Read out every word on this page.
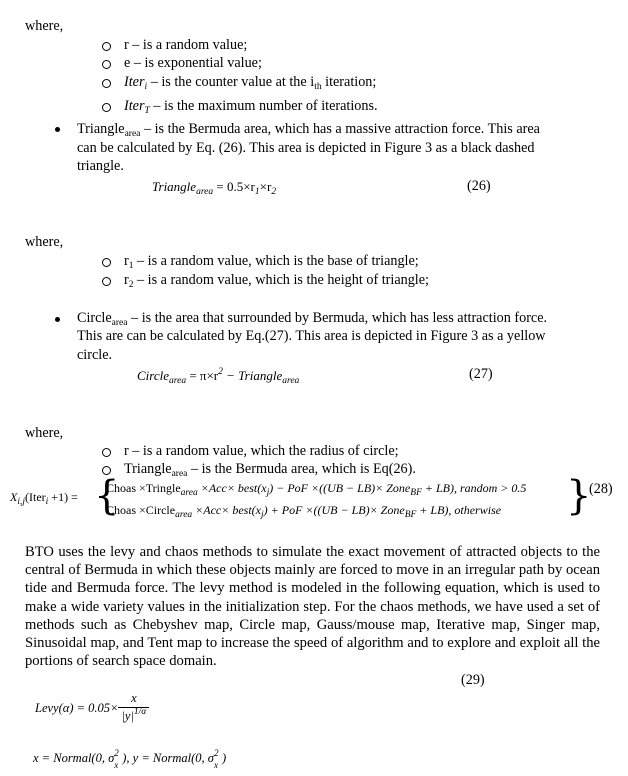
where,
r – is a random value;
e – is exponential value;
Iter$_i$ – is the counter value at the $i_{th}$ iteration;
Iter$_T$ – is the maximum number of iterations.
Triangle$_{area}$ – is the Bermuda area, which has a massive attraction force. This area
can be calculated by Eq. (26). This area is depicted in Figure 3 as a black dashed
triangle.
Triangle$_{area}$ = $0.5\times r_1\times r_2$	(26)
where,
$r_1$ – is a random value, which is the base of triangle;
$r_2$ – is a random value, which is the height of triangle;
Circle$_{area}$ – is the area that surrounded by Bermuda, which has less attraction force.
This are can be calculated by Eq.(27). This area is depicted in Figure 3 as a yellow
circle.
Circle$_{area}$ = $\pi\times r^2$ − Triangle$_{area}$	(27)
where,
r – is a random value, which the radius of circle;
Triangle$_{area}$ – is the Bermuda area, which is Eq(26).
$X_{i,j}(Iter_i +1)$ = {
Choas ×Tringle$_{area}$ $\times Acc\times best(x_j)$ − PoF ×((UB − LB)× Zone$_{BF}$ + LB), random > 0.5
Choas ×Circle$_{area}$ $\times Acc\times best(x_j)$ + PoF ×((UB − LB)× Zone$_{BF}$ + LB), otherwise }
(28)
BTO uses the levy and chaos methods to simulate the exact movement of attracted objects to the central of Bermuda in which these objects mainly are forced to move in an irregular path by ocean tide and Bermuda force. The levy method is modeled in the following equation, which is used to make a wide variety values in the initialization step. For the chaos methods, we have used a set of methods such as Chebyshev map, Circle map, Gauss/mouse map, Iterative map, Singer map, Sinusoidal map, and Tent map to increase the speed of algorithm and to explore and exploit all the portions of search space domain.
(29)
Levy(α) = $0.05\times \frac{x}{|y|^{1/\alpha}}$
x = Normal(0, σ 2
x ), y = Normal(0, σ 2
x )
